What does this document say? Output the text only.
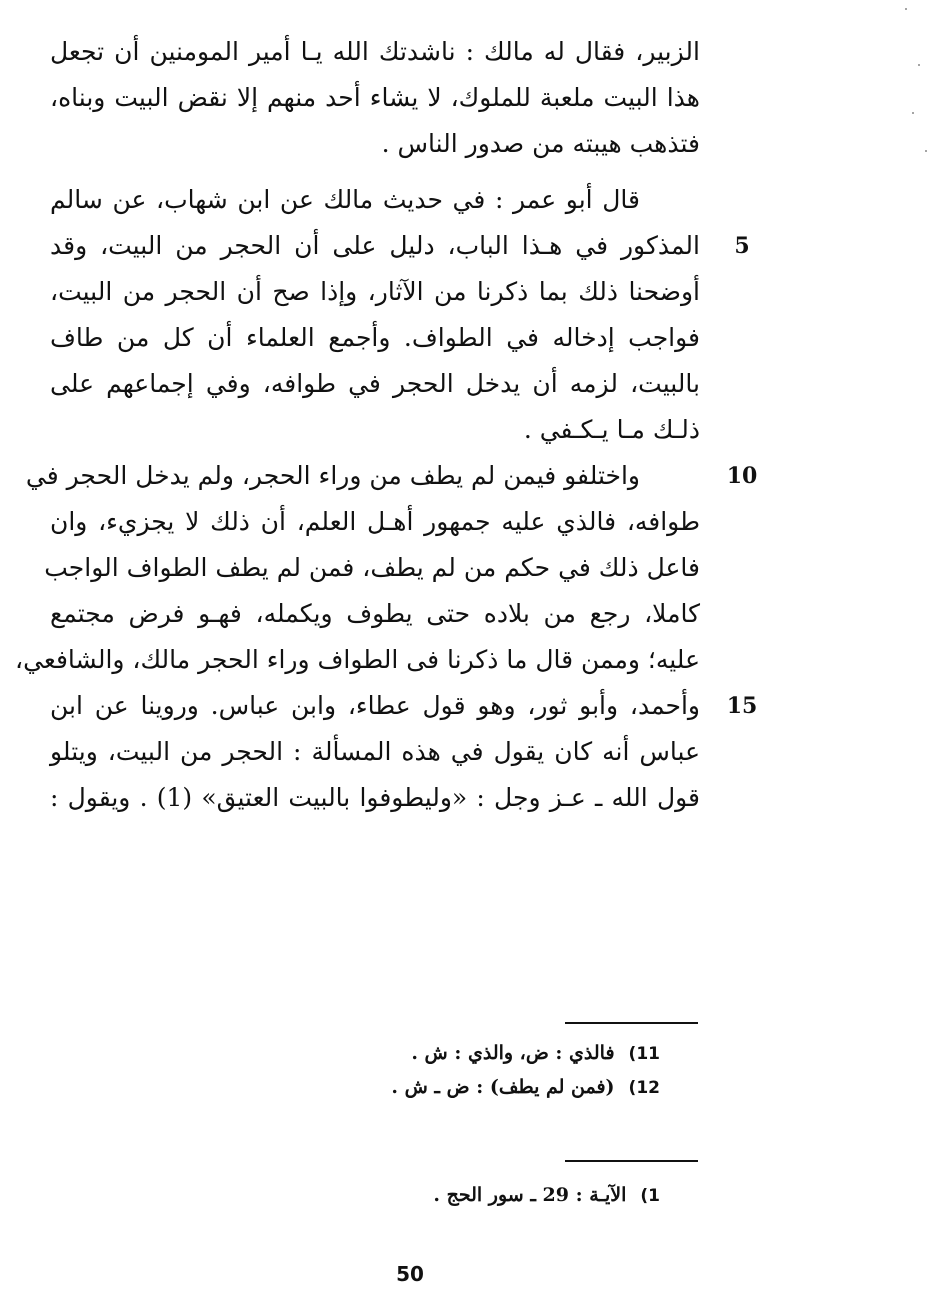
الزبير، فقال له مالك : ناشدتك الله يـا أمير المومنين أن تجعل
هذا البيت ملعبة للملوك، لا يشاء أحد منهم إلا نقض البيت وبناه،
فتذهب هيبته من صدور الناس .
قال أبو عمر : في حديث مالك عن ابن شهاب، عن سالم
المذكور في هـذا الباب، دليل على أن الحجر من البيت، وقد	5
أوضحنا ذلك بما ذكرنا من الآثار، وإذا صح أن الحجر من البيت،
فواجب إدخاله في الطواف. وأجمع العلماء أن كل من طاف
بالبيت، لزمه أن يدخل الحجر في طوافه، وفي إجماعهم على
ذلـك مـا يـكـفي .
واختلفو فيمن لم يطف من وراء الحجر، ولم يدخل الحجر في	10
طوافه، فالذي عليه جمهور أهـل العلم، أن ذلك لا يجزيء، وان
فاعل ذلك في حكم من لم يطف، فمن لم يطف الطواف الواجب
كاملا، رجع من بلاده حتى يطوف ويكمله، فهـو فرض مجتمع
عليه؛ وممن قال ما ذكرنا فى الطواف وراء الحجر مالك، والشافعي،
وأحمد، وأبو ثور، وهو قول عطاء، وابن عباس. وروينا عن ابن 15
عباس أنه كان يقول في هذه المسألة : الحجر من البيت، ويتلو
قول الله ـ عـز وجل : «وليطوفوا بالبيت العتيق» (1) . ويقول :
11)فالذي : ض، والذي : ش .
12)(فمن لم يطف) : ض ـ ش .
1)الآيـة : 29 ـ سور الحج .
50
